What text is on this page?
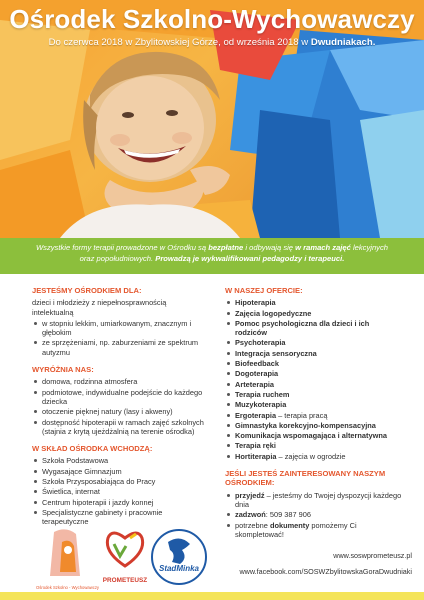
Ośrodek Szkolno-Wychowawczy
Do czerwca 2018 w Zbylitowskiej Górze, od września 2018 w Dwudniakach.
Wszystkie formy terapii prowadzone w Ośrodku są bezpłatne i odbywają się w ramach zajęć lekcyjnych oraz popołudniowych. Prowadzą je wykwalifikowani pedagodzy i terapeuci.
JESTEŚMY OŚRODKIEM DLA:
dzieci i młodzieży z niepełnosprawnością intelektualną
w stopniu lekkim, umiarkowanym, znacznym i głębokim
ze sprzężeniami, np. zaburzeniami ze spektrum autyzmu
WYRÓŻNIA NAS:
domowa, rodzinna atmosfera
podmiotowe, indywidualne podejście do każdego dziecka
otoczenie pięknej natury (lasy i akweny)
dostępność hipoterapii w ramach zajęć szkolnych (stajnia z krytą ujeżdżalnią na terenie ośrodka)
W SKŁAD OŚRODKA WCHODZĄ:
Szkoła Podstawowa
Wygasające Gimnazjum
Szkoła Przysposabiająca do Pracy
Świetlica, internat
Centrum hipoterapii i jazdy konnej
Specjalistyczne gabinety i pracownie terapeutyczne
W NASZEJ OFERCIE:
Hipoterapia
Zajęcia logopedyczne
Pomoc psychologiczna dla dzieci i ich rodziców
Psychoterapia
Integracja sensoryczna
Biofeedback
Dogoterapia
Arteterapia
Terapia ruchem
Muzykoterapia
Ergoterapia – terapia pracą
Gimnastyka korekcyjno-kompensacyjna
Komunikacja wspomagająca i alternatywna
Terapia ręki
Hortiterapia – zajęcia w ogrodzie
JEŚLI JESTEŚ ZAINTERESOWANY NASZYM OŚRODKIEM:
przyjedź – jesteśmy do Twojej dyspozycji każdego dnia
zadzwoń: 509 387 906
potrzebne dokumenty pomożemy Ci skompletować!
Ośrodek Szkolno - Wychowawczy
PROMETEUSZ
StadMinka
www.soswprometeusz.pl
www.facebook.com/SOSWZbylitowskaGoraDwudniaki
